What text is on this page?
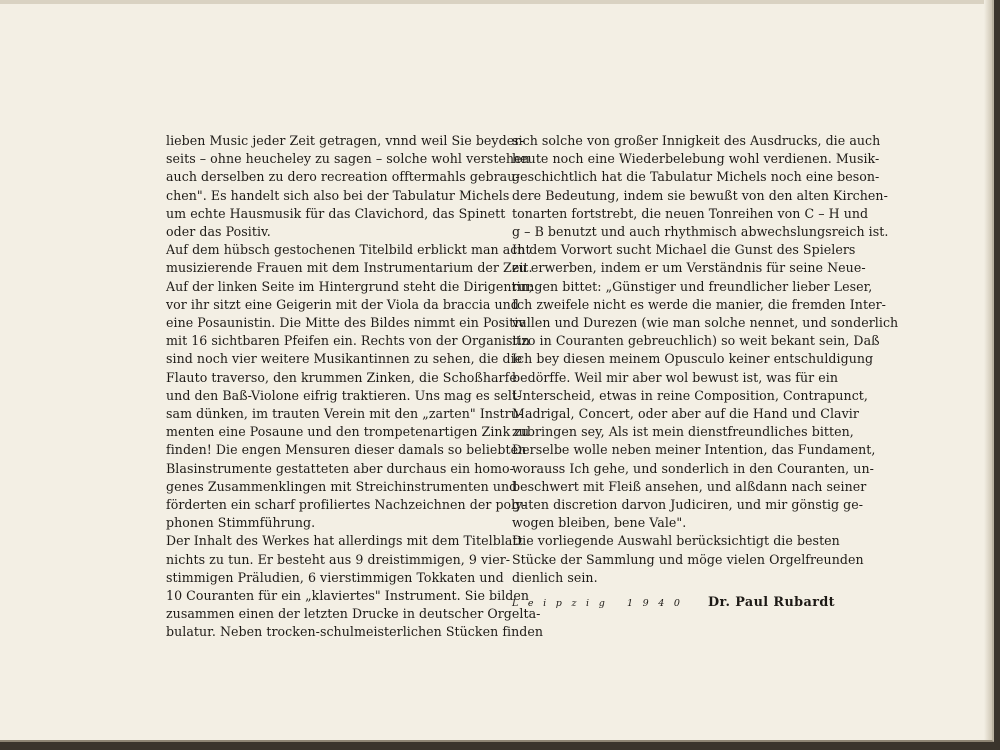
lieben Music jeder Zeit getragen, vnnd weil Sie beyder-
seits – ohne heucheley zu sagen – solche wohl verstehen
auch derselben zu dero recreation offtermahls gebrau-
chen". Es handelt sich also bei der Tabulatur Michels
um echte Hausmusik für das Clavichord, das Spinett
oder das Positiv.
Auf dem hübsch gestochenen Titelbild erblickt man acht
musizierende Frauen mit dem Instrumentarium der Zeit.
Auf der linken Seite im Hintergrund steht die Dirigentin;
vor ihr sitzt eine Geigerin mit der Viola da braccia und
eine Posaunistin. Die Mitte des Bildes nimmt ein Positiv
mit 16 sichtbaren Pfeifen ein. Rechts von der Organistin
sind noch vier weitere Musikantinnen zu sehen, die die
Flauto traverso, den krummen Zinken, die Schoßharfe
und den Baß-Violone eifrig traktieren. Uns mag es selt-
sam dünken, im trauten Verein mit den „zarten" Instru-
menten eine Posaune und den trompetenartigen Zink zu
finden! Die engen Mensuren dieser damals so beliebten
Blasinstrumente gestatteten aber durchaus ein homo-
genes Zusammenklingen mit Streichinstrumenten und
förderten ein scharf profiliertes Nachzeichnen der poly-
phonen Stimmführung.
Der Inhalt des Werkes hat allerdings mit dem Titelblatt
nichts zu tun. Er besteht aus 9 dreistimmigen, 9 vier-
stimmigen Präludien, 6 vierstimmigen Tokkaten und
10 Couranten für ein „klaviertes" Instrument. Sie bilden
zusammen einen der letzten Drucke in deutscher Orgelta-
bulatur. Neben trocken-schulmeisterlichen Stücken finden
sich solche von großer Innigkeit des Ausdrucks, die auch
heute noch eine Wiederbelebung wohl verdienen. Musik-
geschichtlich hat die Tabulatur Michels noch eine beson-
dere Bedeutung, indem sie bewußt von den alten Kirchen-
tonarten fortstrebt, die neuen Tonreihen von C – H und
g – B benutzt und auch rhythmisch abwechslungsreich ist.
In dem Vorwort sucht Michael die Gunst des Spielers
zu erwerben, indem er um Verständnis für seine Neue-
rungen bittet: „Günstiger und freundlicher lieber Leser,
Ich zweifele nicht es werde die manier, die fremden Inter-
vallen und Durezen (wie man solche nennet, und sonderlich
itzo in Couranten gebreuchlich) so weit bekant sein, Daß
Ich bey diesen meinem Opusculo keiner entschuldigung
bedörffe. Weil mir aber wol bewust ist, was für ein
Unterscheid, etwas in reine Composition, Contrapunct,
Madrigal, Concert, oder aber auf die Hand und Clavir
zubringen sey, Als ist mein dienstfreundliches bitten,
Derselbe wolle neben meiner Intention, das Fundament,
worauss Ich gehe, und sonderlich in den Couranten, un-
beschwert mit Fleiß ansehen, und alßdann nach seiner
guten discretion darvon Judiciren, und mir gönstig ge-
wogen bleiben, bene Vale".
Die vorliegende Auswahl berücksichtigt die besten
Stücke der Sammlung und möge vielen Orgelfreunden
dienlich sein.
Leipzig 1940 Dr. Paul Rubardt
